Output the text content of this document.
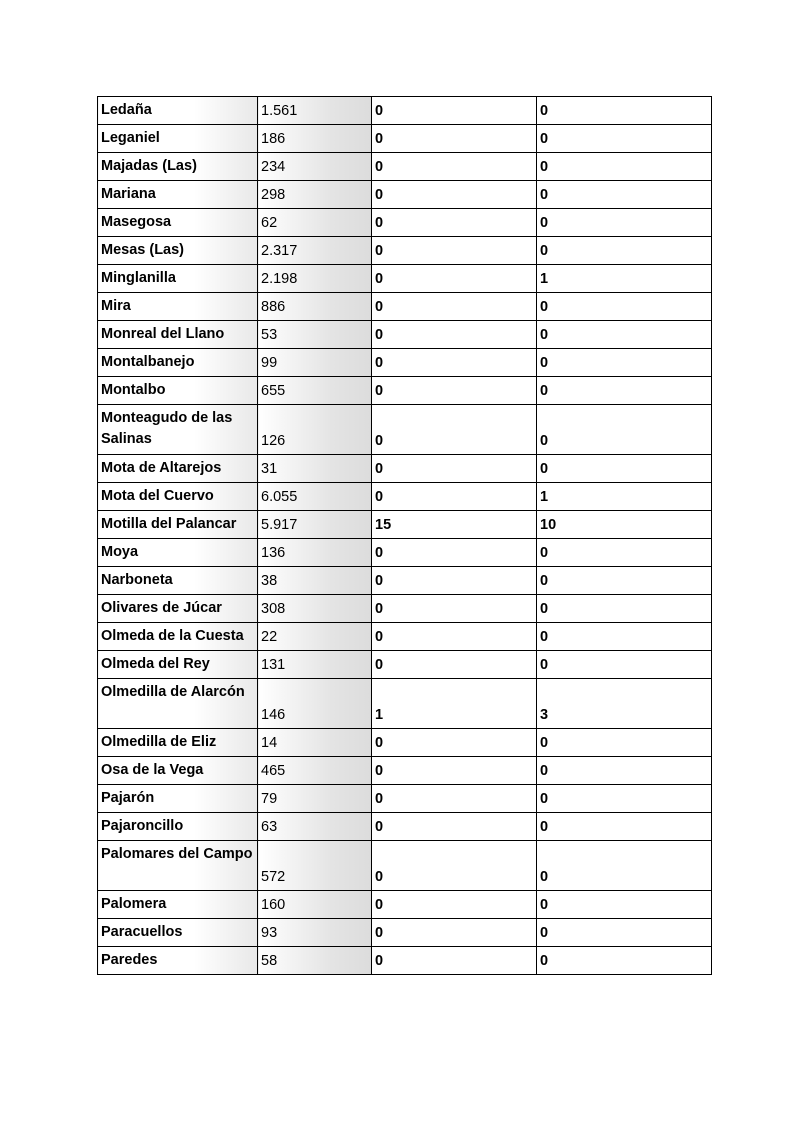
Ledaña	1.561	0	0
Leganiel	186	0	0
Majadas (Las)	234	0	0
Mariana	298	0	0
Masegosa	62	0	0
Mesas (Las)	2.317	0	0
Minglanilla	2.198	0	1
Mira	886	0	0
Monreal del Llano	53	0	0
Montalbanejo	99	0	0
Montalbo	655	0	0
Monteagudo de las Salinas	126	0	0
Mota de Altarejos	31	0	0
Mota del Cuervo	6.055	0	1
Motilla del Palancar	5.917	15	10
Moya	136	0	0
Narboneta	38	0	0
Olivares de Júcar	308	0	0
Olmeda de la Cuesta	22	0	0
Olmeda del Rey	131	0	0
Olmedilla de Alarcón	146	1	3
Olmedilla de Eliz	14	0	0
Osa de la Vega	465	0	0
Pajarón	79	0	0
Pajaroncillo	63	0	0
Palomares del Campo	572	0	0
Palomera	160	0	0
Paracuellos	93	0	0
Paredes	58	0	0
